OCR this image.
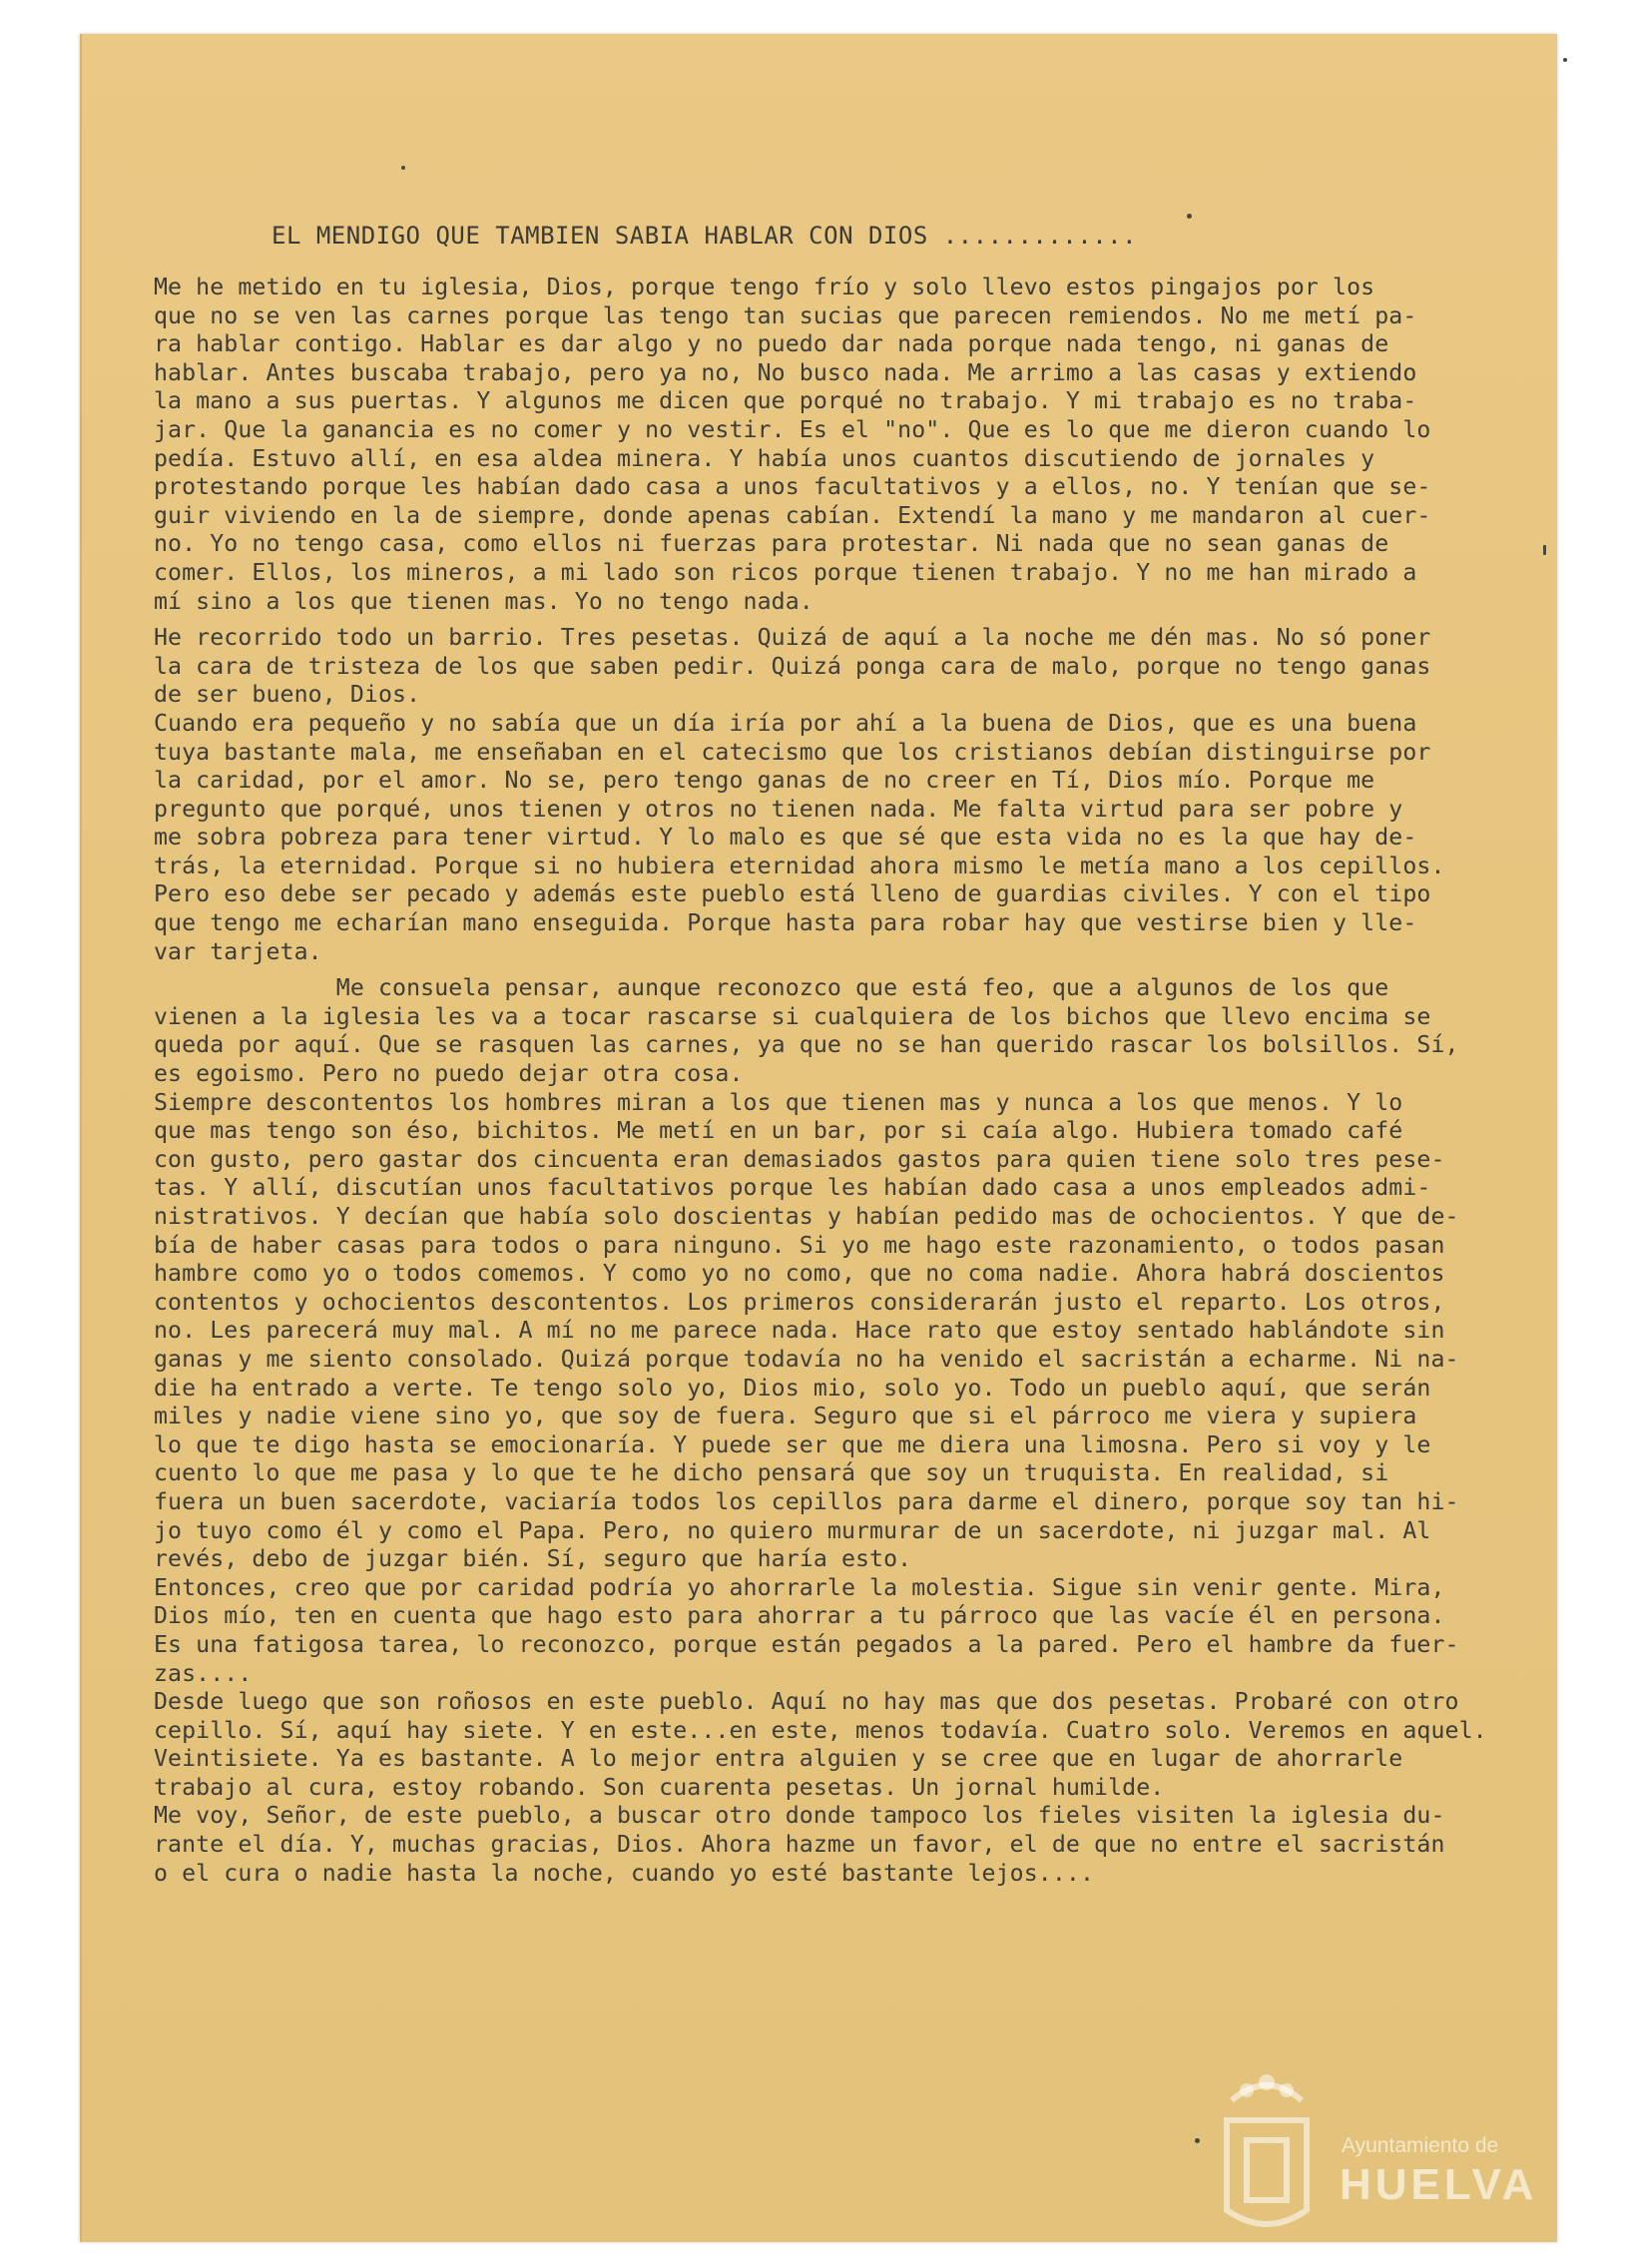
EL MENDIGO QUE TAMBIEN SABIA HABLAR CON DIOS .............
Me he metido en tu iglesia, Dios, porque tengo frío y solo llevo estos pingajos por los
que no se ven las carnes porque las tengo tan sucias que parecen remiendos. No me metí pa-
ra hablar contigo. Hablar es dar algo y no puedo dar nada porque nada tengo, ni ganas de
hablar. Antes buscaba trabajo, pero ya no, No busco nada. Me arrimo a las casas y extiendo
la mano a sus puertas. Y algunos me dicen que porqué no trabajo. Y mi trabajo es no traba-
jar. Que la ganancia es no comer y no vestir. Es el "no". Que es lo que me dieron cuando lo
pedía. Estuvo allí, en esa aldea minera. Y había unos cuantos discutiendo de jornales y
protestando porque les habían dado casa a unos facultativos y a ellos, no. Y tenían que se-
guir viviendo en la de siempre, donde apenas cabían. Extendí la mano y me mandaron al cuer-
no. Yo no tengo casa, como ellos ni fuerzas para protestar. Ni nada que no sean ganas de
comer. Ellos, los mineros, a mi lado son ricos porque tienen trabajo. Y no me han mirado a
mí sino a los que tienen mas. Yo no tengo nada.
He recorrido todo un barrio. Tres pesetas. Quizá de aquí a la noche me dén mas. No só poner
la cara de tristeza de los que saben pedir. Quizá ponga cara de malo, porque no tengo ganas
de ser bueno, Dios.
Cuando era pequeño y no sabía que un día iría por ahí a la buena de Dios, que es una buena
tuya bastante mala, me enseñaban en el catecismo que los cristianos debían distinguirse por
la caridad, por el amor. No se, pero tengo ganas de no creer en Tí, Dios mío. Porque me
pregunto que porqué, unos tienen y otros no tienen nada. Me falta virtud para ser pobre y
me sobra pobreza para tener virtud. Y lo malo es que sé que esta vida no es la que hay de-
trás, la eternidad. Porque si no hubiera eternidad ahora mismo le metía mano a los cepillos.
Pero eso debe ser pecado y además este pueblo está lleno de guardias civiles. Y con el tipo
que tengo me echarían mano enseguida. Porque hasta para robar hay que vestirse bien y lle-
var tarjeta.
Me consuela pensar, aunque reconozco que está feo, que a algunos de los que
vienen a la iglesia les va a tocar rascarse si cualquiera de los bichos que llevo encima se
queda por aquí. Que se rasquen las carnes, ya que no se han querido rascar los bolsillos. Sí,
es egoismo. Pero no puedo dejar otra cosa.
Siempre descontentos los hombres miran a los que tienen mas y nunca a los que menos. Y lo
que mas tengo son éso, bichitos. Me metí en un bar, por si caía algo. Hubiera tomado café
con gusto, pero gastar dos cincuenta eran demasiados gastos para quien tiene solo tres pese-
tas. Y allí, discutían unos facultativos porque les habían dado casa a unos empleados admi-
nistrativos. Y decían que había solo doscientas y habían pedido mas de ochocientos. Y que de-
bía de haber casas para todos o para ninguno. Si yo me hago este razonamiento, o todos pasan
hambre como yo o todos comemos. Y como yo no como, que no coma nadie. Ahora habrá doscientos
contentos y ochocientos descontentos. Los primeros considerarán justo el reparto. Los otros,
no. Les parecerá muy mal. A mí no me parece nada. Hace rato que estoy sentado hablándote sin
ganas y me siento consolado. Quizá porque todavía no ha venido el sacristán a echarme. Ni na-
die ha entrado a verte. Te tengo solo yo, Dios mio, solo yo. Todo un pueblo aquí, que serán
miles y nadie viene sino yo, que soy de fuera. Seguro que si el párroco me viera y supiera
lo que te digo hasta se emocionaría. Y puede ser que me diera una limosna. Pero si voy y le
cuento lo que me pasa y lo que te he dicho pensará que soy un truquista. En realidad, si
fuera un buen sacerdote, vaciaría todos los cepillos para darme el dinero, porque soy tan hi-
jo tuyo como él y como el Papa. Pero, no quiero murmurar de un sacerdote, ni juzgar mal. Al
revés, debo de juzgar bién. Sí, seguro que haría esto.
Entonces, creo que por caridad podría yo ahorrarle la molestia. Sigue sin venir gente. Mira,
Dios mío, ten en cuenta que hago esto para ahorrar a tu párroco que las vacíe él en persona.
Es una fatigosa tarea, lo reconozco, porque están pegados a la pared. Pero el hambre da fuer-
zas....
Desde luego que son roñosos en este pueblo. Aquí no hay mas que dos pesetas. Probaré con otro
cepillo. Sí, aquí hay siete. Y en este...en este, menos todavía. Cuatro solo. Veremos en aquel.
Veintisiete. Ya es bastante. A lo mejor entra alguien y se cree que en lugar de ahorrarle
trabajo al cura, estoy robando. Son cuarenta pesetas. Un jornal humilde.
Me voy, Señor, de este pueblo, a buscar otro donde tampoco los fieles visiten la iglesia du-
rante el día. Y, muchas gracias, Dios. Ahora hazme un favor, el de que no entre el sacristán
o el cura o nadie hasta la noche, cuando yo esté bastante lejos....
Ayuntamiento de
HUELVA
